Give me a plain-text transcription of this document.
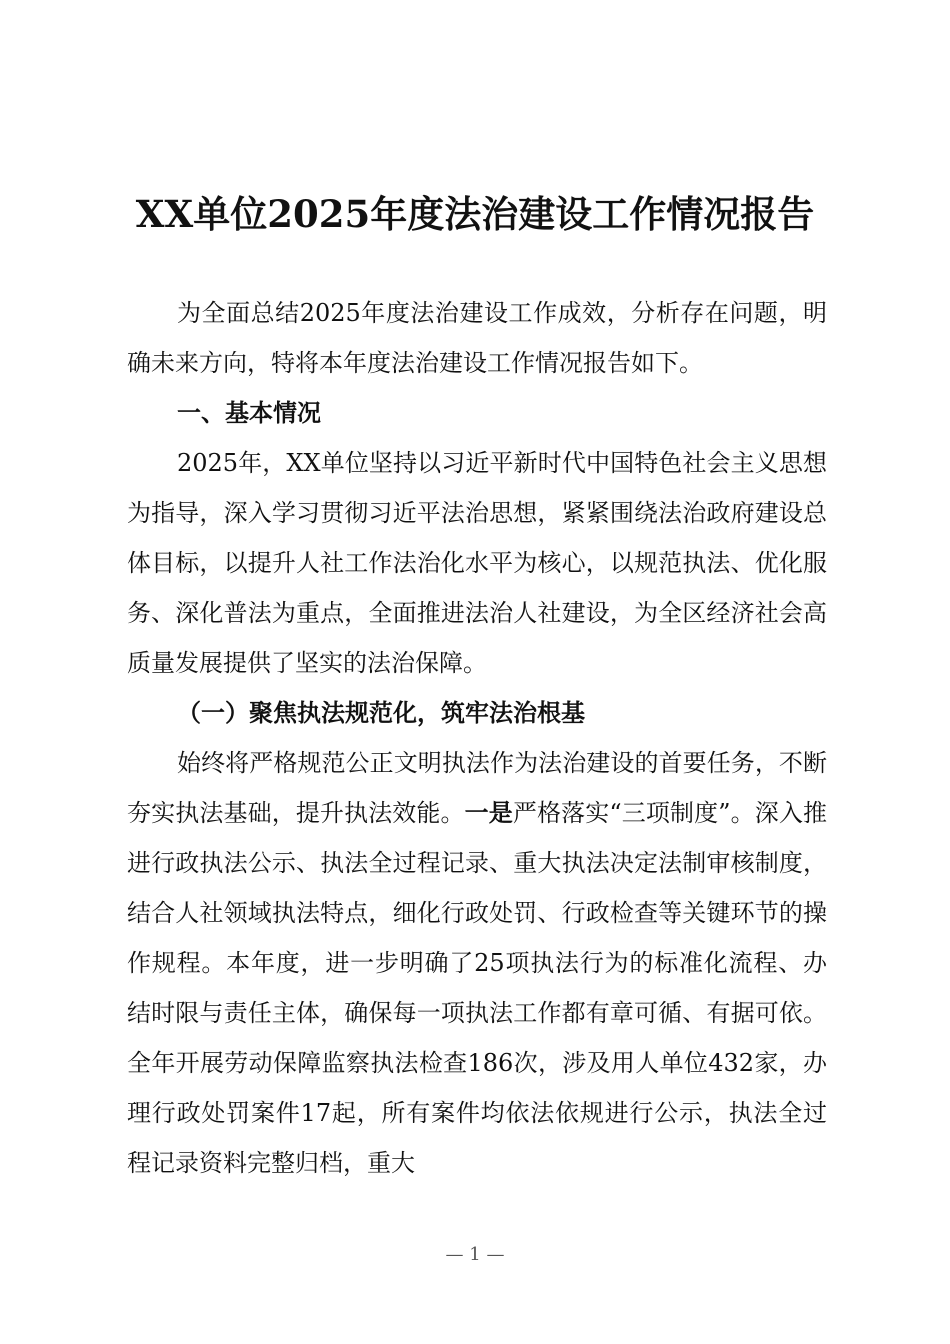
XX单位2025年度法治建设工作情况报告

为全面总结2025年度法治建设工作成效，分析存在问题，明确未来方向，特将本年度法治建设工作情况报告如下。

一、基本情况

2025年，XX单位坚持以习近平新时代中国特色社会主义思想为指导，深入学习贯彻习近平法治思想，紧紧围绕法治政府建设总体目标，以提升人社工作法治化水平为核心，以规范执法、优化服务、深化普法为重点，全面推进法治人社建设，为全区经济社会高质量发展提供了坚实的法治保障。

（一）聚焦执法规范化，筑牢法治根基

始终将严格规范公正文明执法作为法治建设的首要任务，不断夯实执法基础，提升执法效能。一是严格落实“三项制度”。深入推进行政执法公示、执法全过程记录、重大执法决定法制审核制度，结合人社领域执法特点，细化行政处罚、行政检查等关键环节的操作规程。本年度，进一步明确了25项执法行为的标准化流程、办结时限与责任主体，确保每一项执法工作都有章可循、有据可依。全年开展劳动保障监察执法检查186次，涉及用人单位432家，办理行政处罚案件17起，所有案件均依法依规进行公示，执法全过程记录资料完整归档，重大

— 1 —
